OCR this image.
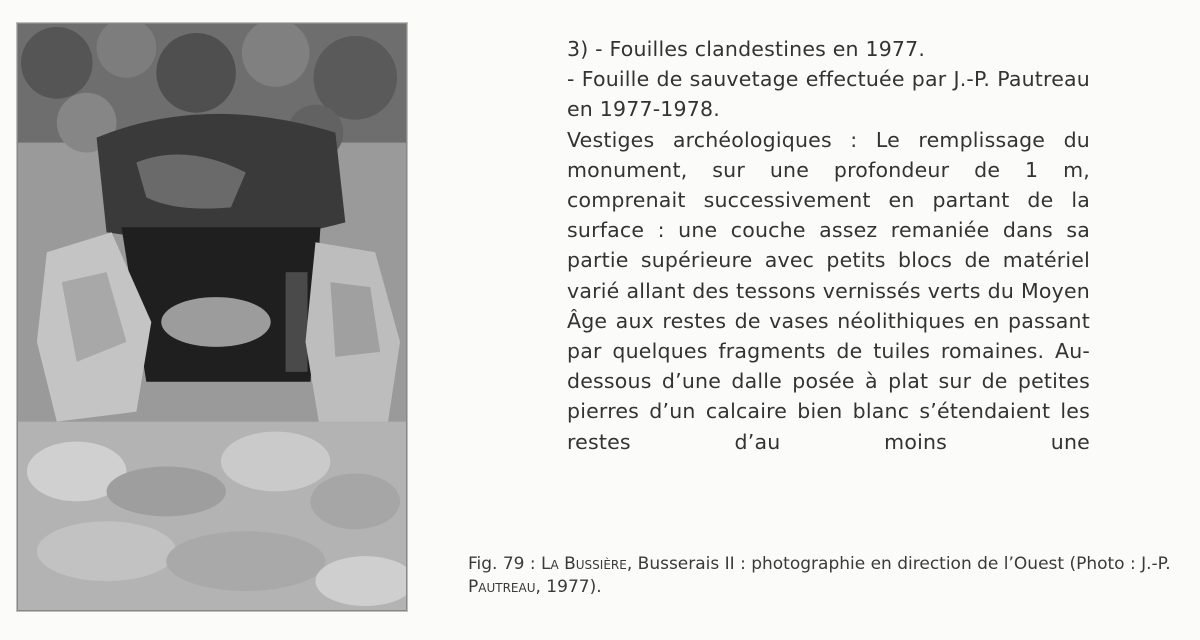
3) - Fouilles clandestines en 1977.

- Fouille de sauvetage effectuée par J.-P. Pautreau en 1977-1978.

Vestiges archéologiques : Le remplissage du monument, sur une profondeur de 1 m, comprenait successivement en partant de la surface : une couche assez remaniée dans sa partie supérieure avec petits blocs de matériel varié allant des tessons vernissés verts du Moyen Âge aux restes de vases néolithiques en passant par quelques fragments de tuiles romaines. Au-dessous d’une dalle posée à plat sur de petites pierres d’un calcaire bien blanc s’étendaient les restes d’au moins une

Fig. 79 : La Bussière, Busserais II : photographie en direction de l’Ouest (Photo : J.-P. Pautreau, 1977).
